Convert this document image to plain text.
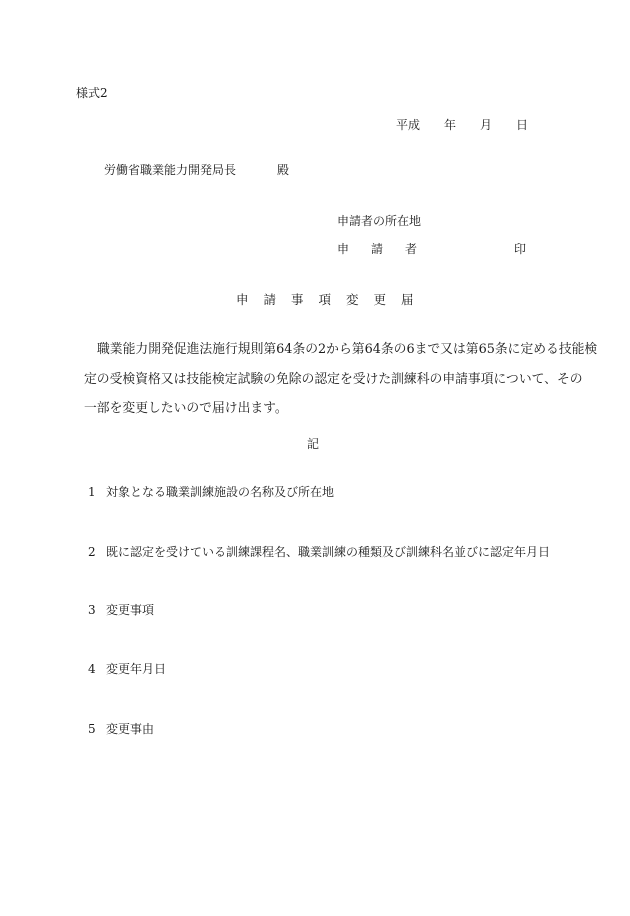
様式2
平成 年 月 日
労働省職業能力開発局長	殿
申請者の所在地
申請者	印
申請事項変更届
職業能力開発促進法施行規則第64条の2から第64条の6まで又は第65条に定める技能検
定の受検資格又は技能検定試験の免除の認定を受けた訓練科の申請事項について、その
一部を変更したいので届け出ます。
記
1 対象となる職業訓練施設の名称及び所在地
2 既に認定を受けている訓練課程名、職業訓練の種類及び訓練科名並びに認定年月日
3 変更事項
4 変更年月日
5 変更事由
